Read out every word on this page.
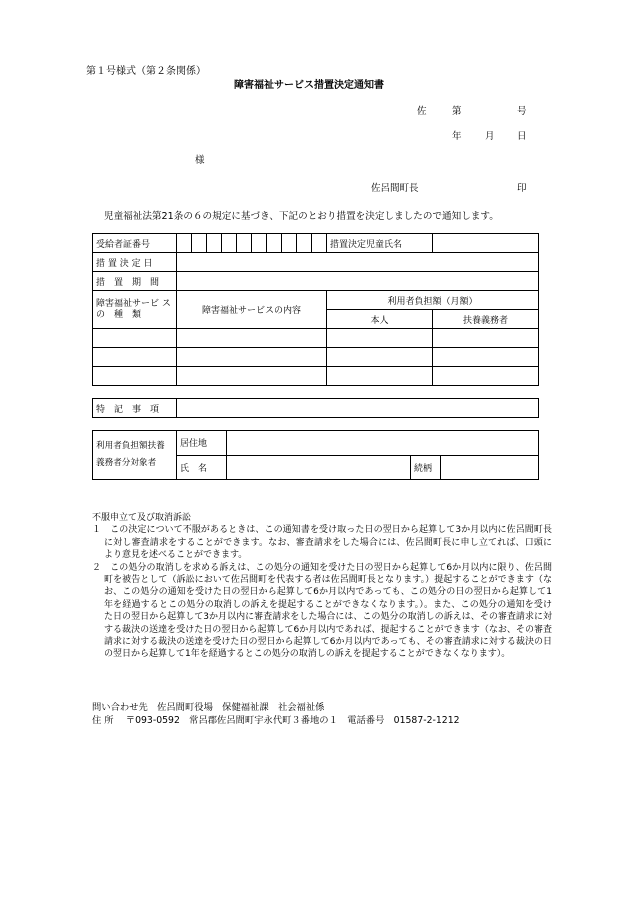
第１号様式（第２条関係）
障害福祉サービス措置決定通知書
佐	第	号
年 月 日
様
佐呂間町長	印
児童福祉法第21条の６の規定に基づき、下記のとおり措置を決定しましたので通知します。
受給者証番号		措置決定児童氏名	
措 置 決 定 日			
措　置　期　間			
障害福祉サービ ス　の　種　類	障害福祉サービスの内容	利用者負担額（月額）	
		本人	扶養義務者

特　記　事　項	
利用者負担額扶養義務者分対象者	居住地			
	氏　名		続柄	
不服申立て及び取消訴訟
１　この決定について不服があるときは、この通知書を受け取った日の翌日から起算して3か月以内に佐呂間町長に対し審査請求をすることができます。なお、審査請求をした場合には、佐呂間町長に申し立てれば、口頭により意見を述べることができます。
２　この処分の取消しを求める訴えは、この処分の通知を受けた日の翌日から起算して6か月以内に限り、佐呂間町を被告として（訴訟において佐呂間町を代表する者は佐呂間町長となります。）提起することができます（なお、この処分の通知を受けた日の翌日から起算して6か月以内であっても、この処分の日の翌日から起算して1年を経過するとこの処分の取消しの訴えを提起することができなくなります。）。また、この処分の通知を受けた日の翌日から起算して3か月以内に審査請求をした場合には、この処分の取消しの訴えは、その審査請求に対する裁決の送達を受けた日の翌日から起算して6か月以内であれば、提起することができます（なお、その審査請求に対する裁決の送達を受けた日の翌日から起算して6か月以内であっても、その審査請求に対する裁決の日の翌日から起算して1年を経過するとこの処分の取消しの訴えを提起することができなくなります）。
問い合わせ先　佐呂間町役場　保健福祉課　社会福祉係
住 所　 〒093-0592　常呂郡佐呂間町宇永代町３番地の１　電話番号　01587-2-1212
